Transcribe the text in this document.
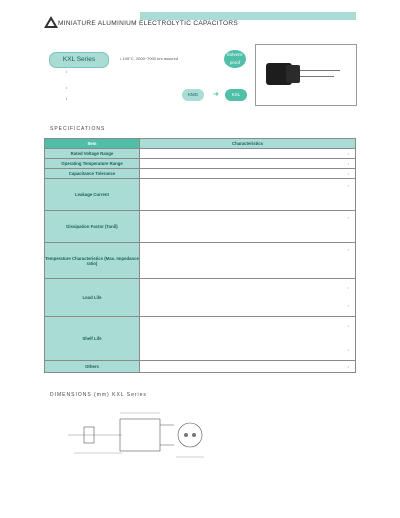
MINIATURE ALUMINIUM ELECTROLYTIC CAPACITORS
KXL Series	• 105°C, 2000~7000 hrs assured
•
•
•
Solvent-proof
KMG	➜	KXL
SPECIFICATIONS
Item	Characteristics
Rated Voltage Range	•

Operating Temperature Range	•

Capacitance Tolerance	•

Leakage Current	•

Dissipation Factor (Tanδ)	•

Temperature Characteristics (Max. Impedance ratio)	•

Load Life	•
•

Shelf Life	•
•

Others	•
DIMENSIONS (mm) KXL Series
